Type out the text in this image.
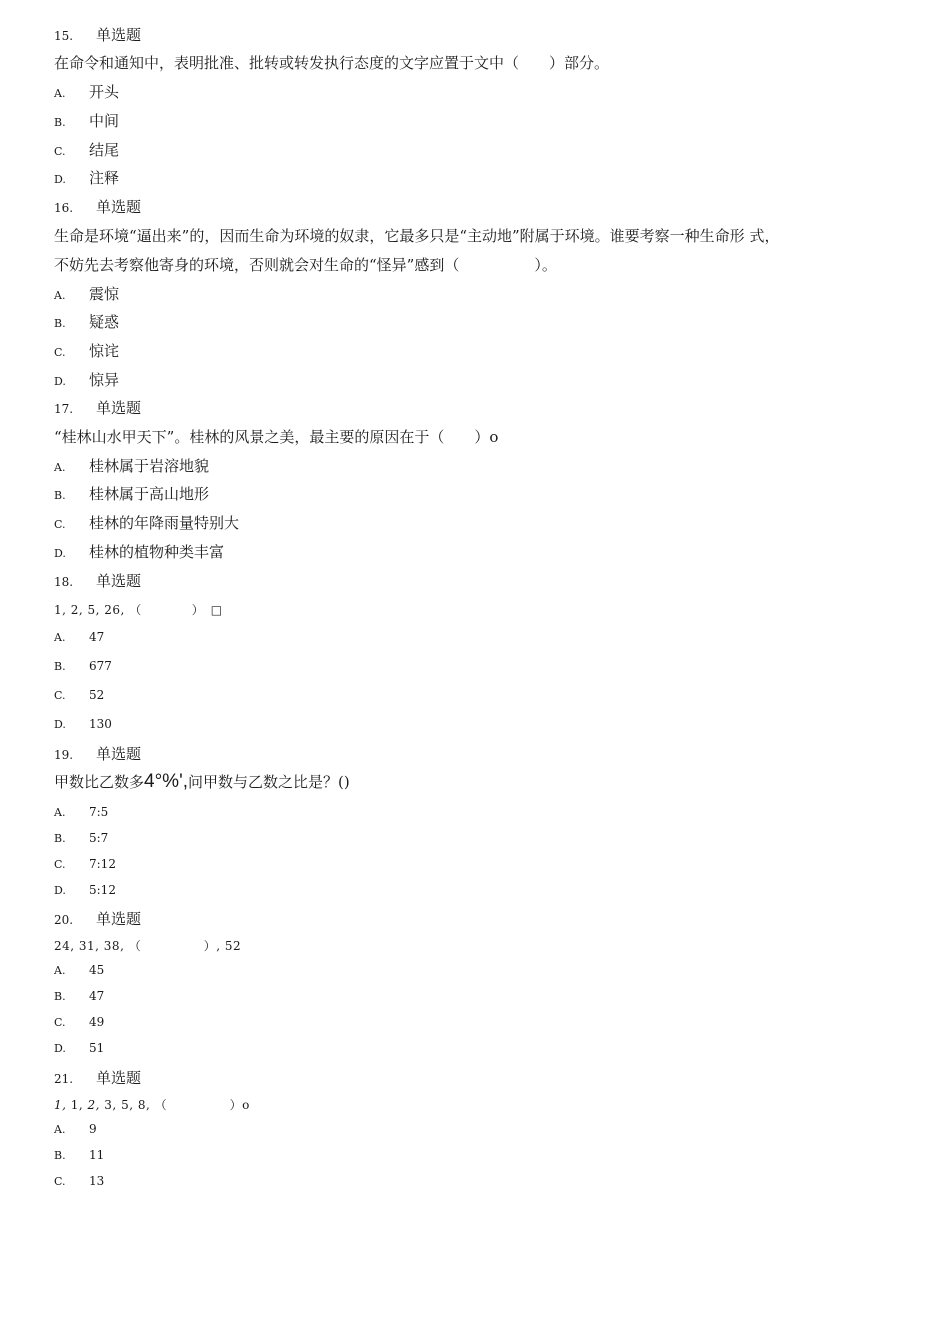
15. 单选题
在命令和通知中，表明批准、批转或转发执行态度的文字应置于文中（　　）部分。
A. 开头
B. 中间
C. 结尾
D. 注释
16. 单选题
生命是环境“逼出来”的，因而生命为环境的奴隶，它最多只是“主动地”附属于环境。谁要考察一种生命形 式，
不妨先去考察他寄身的环境，否则就会对生命的“怪异”感到（　　　　　）。
A. 震惊
B. 疑惑
C. 惊诧
D. 惊异
17. 单选题
“桂林山水甲天下”。桂林的风景之美，最主要的原因在于（　　）o
A. 桂林属于岩溶地貌
B. 桂林属于高山地形
C. 桂林的年降雨量特别大
D. 桂林的植物种类丰富
18. 单选题
1, 2, 5, 26, （　　　　）　□
A. 47
B. 677
C. 52
D. 130
19. 单选题
甲数比乙数多4°%',问甲数与乙数之比是？()
A. 7:5
B. 5:7
C. 7:12
D. 5:12
20. 单选题
24, 31, 38, （　　　　　）, 52
A. 45
B. 47
C. 49
D. 51
21. 单选题
1, 1, 2, 3, 5, 8, （　　　　　）o
A. 9
B. 11
C. 13
